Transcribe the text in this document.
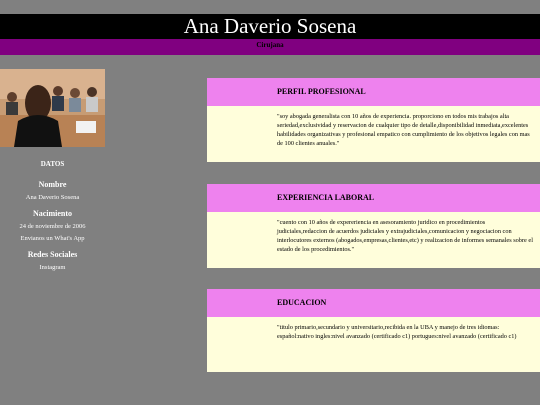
Ana Daverio Sosena
Cirujana
DATOS
Nombre
Ana Daverio Sosena
Nacimiento
24 de noviembre de 2006
Envianos un What's App
Redes Sociales
Instagram
PERFIL PROFESIONAL
"soy abogada generalista con 10 años de experiencia. proporciono en todos mis trabajos alta seriedad,exclusividad y reservacion de cualquier tipo de detalle,disponibilidad inmediata,excelentes habilidades organizativas y profesional empatico con cumplimiento de los objetivos legales con mas de 100 clientes anuales."
EXPERIENCIA LABORAL
"cuento con 10 años de expereriencia en asesoramiento juridico en procedimientos judiciales,redaccion de acuerdos judiciales y extrajudiciales,comunicacion y negociacion con interlocutores externos (abogados,empresas,clientes,etc) y realizacion de informes semanales sobre el estado de los procedimientos."
EDUCACION
"titulo primario,secundario y universitario,recibida en la UBA y manejo de tres idiomas: español:nativo ingles:nivel avanzado (certificado c1) portugues:nivel avanzado (certificado c1)
